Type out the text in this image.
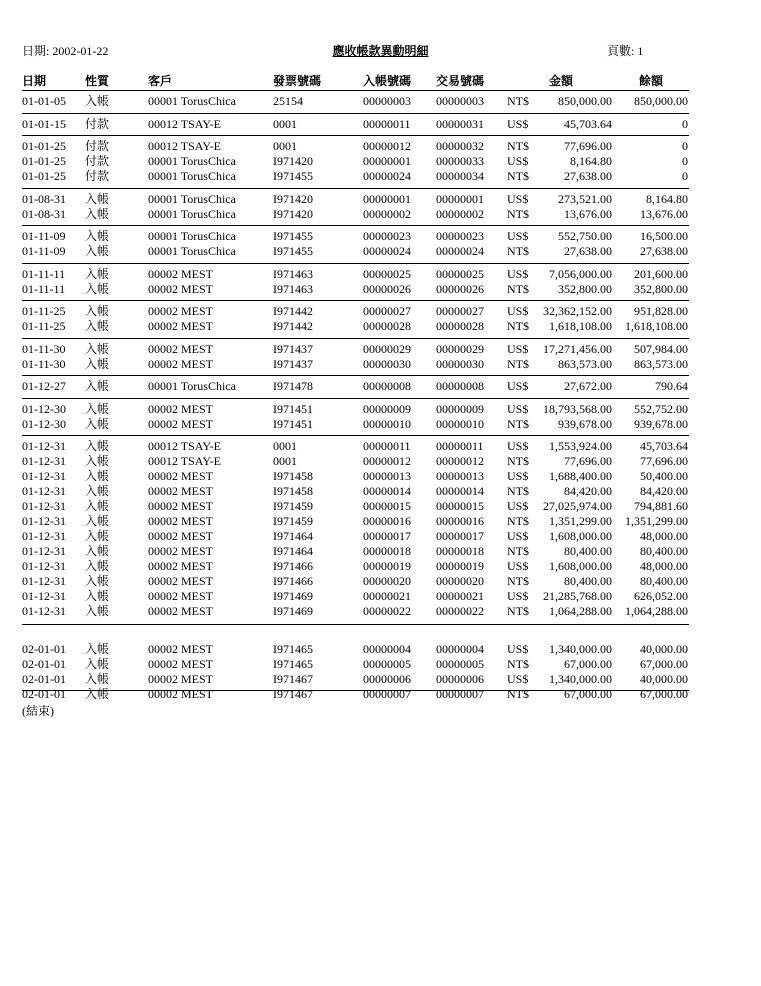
日期: 2002-01-22	應收帳款異動明細	頁數: 1
日期	性質	客戶	發票號碼	入帳號碼 交易號碼	金額	餘額
01-01-05 入帳	00001 TorusChica	25154	00000003 00000003 NT$ 850,000.00 850,000.00
01-01-15 付款	00012 TSAY-E	0001	00000011 00000031 US$	45,703.64	0
01-01-25 付款	00012 TSAY-E	0001	00000012 00000032 NT$	77,696.00	0
01-01-25 付款	00001 TorusChica	I971420	00000001 00000033 US$	8,164.80	0
01-01-25 付款	00001 TorusChica	I971455	00000024 00000034 NT$	27,638.00	0
01-08-31 入帳	00001 TorusChica	I971420	00000001 00000001 US$ 273,521.00	8,164.80
01-08-31 入帳	00001 TorusChica	I971420	00000002 00000002 NT$	13,676.00 13,676.00
01-11-09 入帳	00001 TorusChica	I971455	00000023 00000023 US$ 552,750.00 16,500.00
01-11-09 入帳	00001 TorusChica	I971455	00000024 00000024 NT$	27,638.00 27,638.00
01-11-11 入帳	00002 MEST	I971463	00000025 00000025 US$ 7,056,000.00 201,600.00
01-11-11 入帳	00002 MEST	I971463	00000026 00000026 NT$ 352,800.00 352,800.00
01-11-25 入帳	00002 MEST	I971442	00000027 00000027 US$ 32,362,152.00 951,828.00
01-11-25 入帳	00002 MEST	I971442	00000028 00000028 NT$ 1,618,108.00 1,618,108.00
01-11-30 入帳	00002 MEST	I971437	00000029 00000029 US$ 17,271,456.00 507,984.00
01-11-30 入帳	00002 MEST	I971437	00000030 00000030 NT$ 863,573.00 863,573.00
01-12-27 入帳	00001 TorusChica	I971478	00000008 00000008 US$	27,672.00	790.64
01-12-30 入帳	00002 MEST	I971451	00000009 00000009 US$ 18,793,568.00 552,752.00
01-12-30 入帳	00002 MEST	I971451	00000010 00000010 NT$ 939,678.00 939,678.00
01-12-31 入帳	00012 TSAY-E	0001	00000011 00000011 US$ 1,553,924.00 45,703.64
01-12-31 入帳	00012 TSAY-E	0001	00000012 00000012 NT$	77,696.00 77,696.00
01-12-31 入帳	00002 MEST	I971458	00000013 00000013 US$ 1,688,400.00 50,400.00
01-12-31 入帳	00002 MEST	I971458	00000014 00000014 NT$	84,420.00 84,420.00
01-12-31 入帳	00002 MEST	I971459	00000015 00000015 US$ 27,025,974.00 794,881.60
01-12-31 入帳	00002 MEST	I971459	00000016 00000016 NT$ 1,351,299.00 1,351,299.00
01-12-31 入帳	00002 MEST	I971464	00000017 00000017 US$ 1,608,000.00 48,000.00
01-12-31 入帳	00002 MEST	I971464	00000018 00000018 NT$	80,400.00 80,400.00
01-12-31 入帳	00002 MEST	I971466	00000019 00000019 US$ 1,608,000.00 48,000.00
01-12-31 入帳	00002 MEST	I971466	00000020 00000020 NT$	80,400.00 80,400.00
01-12-31 入帳	00002 MEST	I971469	00000021 00000021 US$ 21,285,768.00 626,052.00
01-12-31 入帳	00002 MEST	I971469	00000022 00000022 NT$ 1,064,288.00 1,064,288.00
02-01-01 入帳	00002 MEST	I971465	00000004 00000004 US$ 1,340,000.00 40,000.00
02-01-01 入帳	00002 MEST	I971465	00000005 00000005 NT$	67,000.00 67,000.00
02-01-01 入帳	00002 MEST	I971467	00000006 00000006 US$ 1,340,000.00 40,000.00
02-01-01 入帳	00002 MEST	I971467	00000007 00000007 NT$	67,000.00 67,000.00
(結束)
